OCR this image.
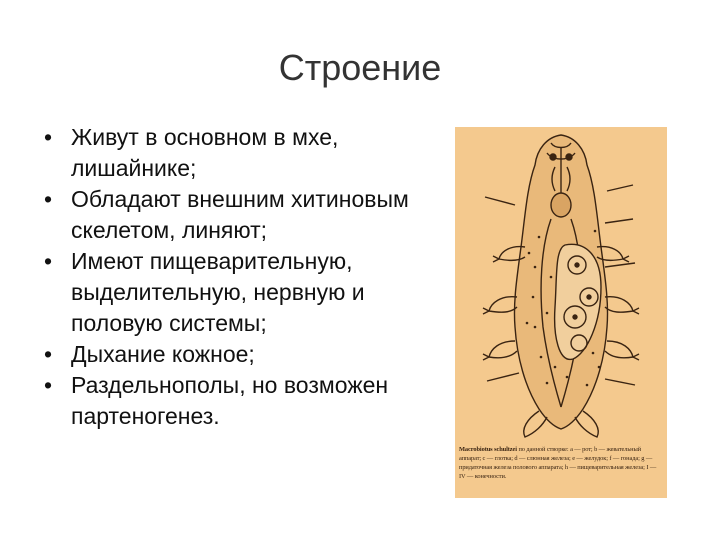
Строение
• Живут в основном в мхе, лишайнике;
• Обладают внешним хитиновым скелетом, линяют;
• Имеют пищеварительную, выделительную, нервную и половую системы;
• Дыхание кожное;
• Раздельнополы, но возможен партеногенез.
Macrobiotus schultzei по данной створке: a — рот; b — жевательный аппарат; c — глотка; d — слюнная железа; e — желудок; f — гонада; g — придаточная железа полового аппарата; h — пищеварительная железа; I — IV — конечности.
